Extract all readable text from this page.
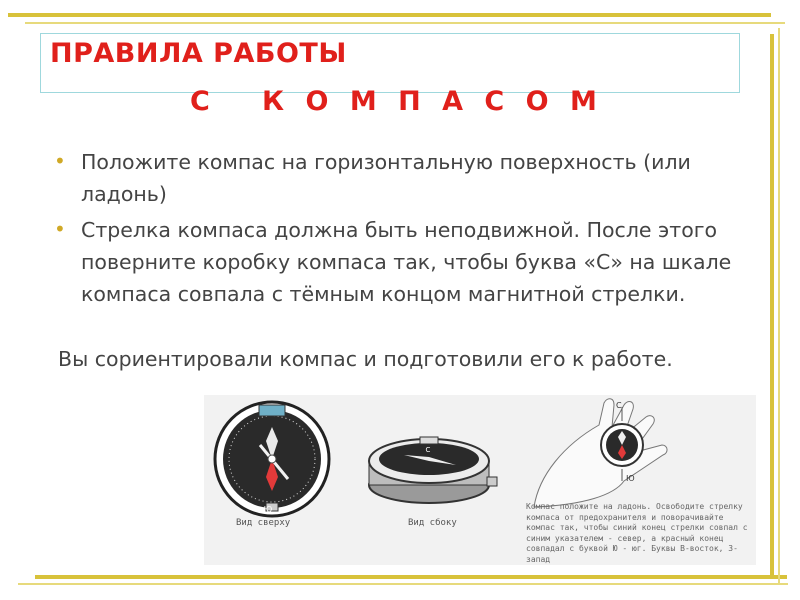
ПРАВИЛА РАБОТЫ
С   К О М П А С О М
• Положите компас на горизонтальную поверхность (или ладонь)
• Стрелка компаса должна быть неподвижной. После этого поверните коробку компаса так, чтобы буква «С» на шкале компаса совпала с тёмным концом магнитной стрелки.

Вы сориентировали компас и подготовили его к работе.

Ю
С
С
Ю
Вид сверху	Вид сбоку
Компас положите на ладонь. Освободите стрелку компаса от предохранителя и поворачивайте компас так, чтобы синий конец стрелки совпал с синим указателем - север, а красный конец совпадал с буквой Ю - юг. Буквы В-восток, З-запад
